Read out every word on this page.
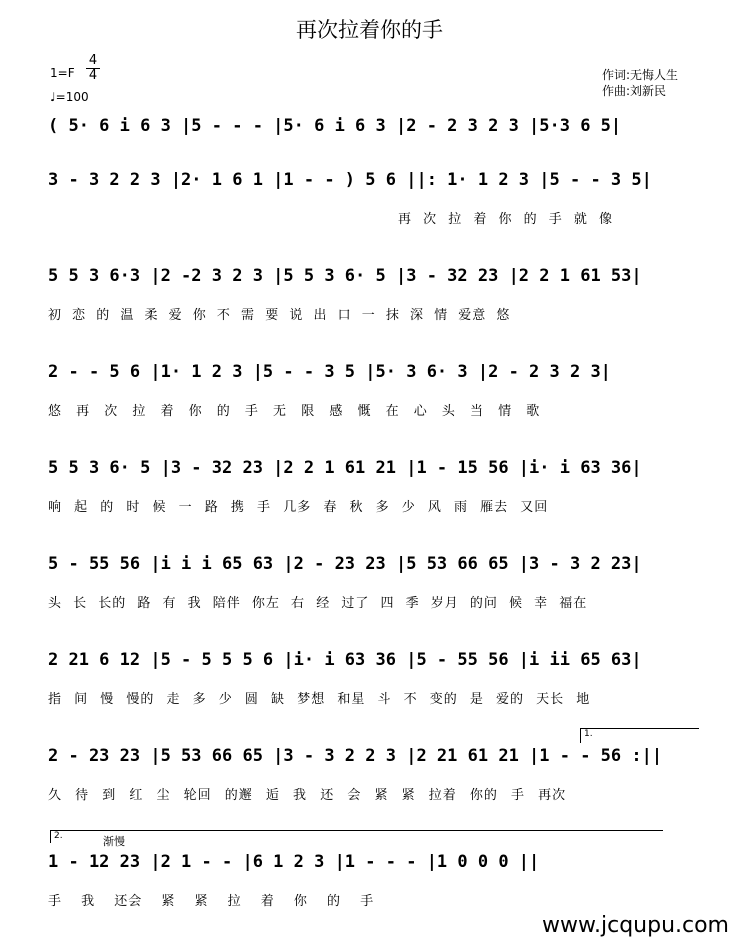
再次拉着你的手
1=F
4
4
♩=100
作词:无悔人生
作曲:刘新民
( 5· 6 i 6 3 |5 - - - |5· 6 i 6 3 |2 - 2 3 2 3 |5·3 6 5|
3 - 3 2 2 3 |2· 1 6 1 |1 - - ) 5 6 ||: 1· 1 2 3 |5 - - 3 5|
再 次 拉 着 你 的 手 就 像
5 5 3 6·3 |2 -2 3 2 3 |5 5 3 6· 5 |3 - 32 23 |2 2 1 61 53|
初 恋 的 温 柔 爱 你 不 需 要 说 出 口 一 抹 深 情 爱意 悠
2 - - 5 6 |1· 1 2 3 |5 - - 3 5 |5· 3 6· 3 |2 - 2 3 2 3|
悠 再 次 拉 着 你 的 手 无 限 感 慨 在 心 头 当 情 歌
5 5 3 6· 5 |3 - 32 23 |2 2 1 61 21 |1 - 15 56 |i· i 63 36|
响 起 的 时 候 一 路 携 手 几多 春 秋 多 少 风 雨 雁去 又回
5 - 55 56 |i i i 65 63 |2 - 23 23 |5 53 66 65 |3 - 3 2 23|
头 长 长的 路 有 我 陪伴 你左 右 经 过了 四 季 岁月 的问 候 幸 福在
2 21 6 12 |5 - 5 5 5 6 |i· i 63 36 |5 - 55 56 |i ii 65 63|
指 间 慢 慢的 走 多 少 圆 缺 梦想 和星 斗 不 变的 是 爱的 天长 地
1.
2 - 23 23 |5 53 66 65 |3 - 3 2 2 3 |2 21 61 21 |1 - - 56 :||
久 待 到 红 尘 轮回 的邂 逅 我 还 会 紧 紧 拉着 你的 手 再次
2.	渐慢
1 - 12 23 |2 1 - - |6 1 2 3 |1 - - - |1 0 0 0 ||
手 我 还会 紧 紧 拉 着 你 的 手
www.jcqupu.com
